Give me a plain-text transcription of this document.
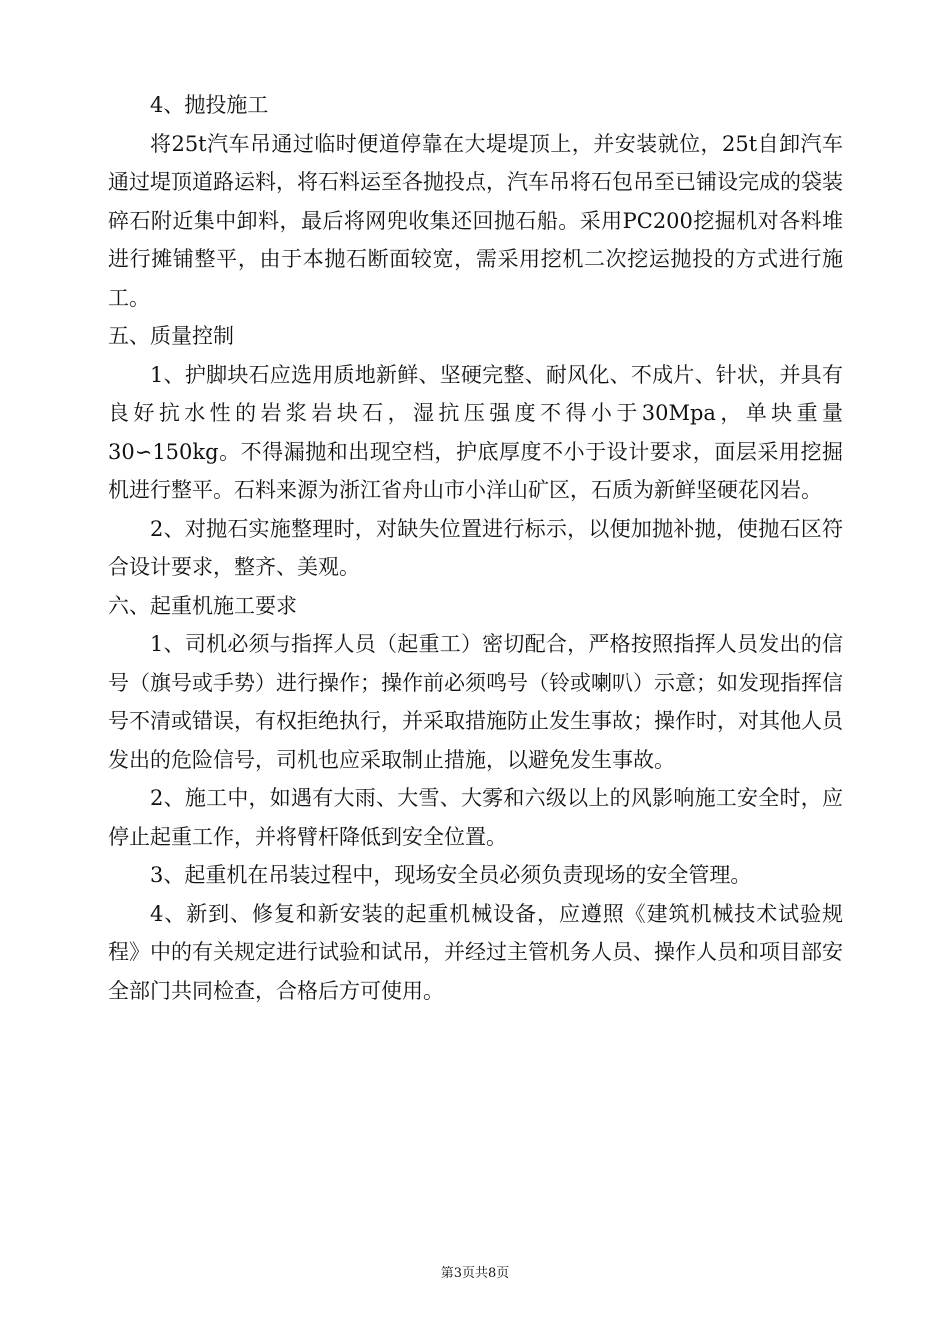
4、抛投施工

将25t汽车吊通过临时便道停靠在大堤堤顶上，并安装就位，25t自卸汽车通过堤顶道路运料，将石料运至各抛投点，汽车吊将石包吊至已铺设完成的袋装碎石附近集中卸料，最后将网兜收集还回抛石船。采用PC200挖掘机对各料堆进行摊铺整平，由于本抛石断面较宽，需采用挖机二次挖运抛投的方式进行施工。

五、质量控制

1、护脚块石应选用质地新鲜、坚硬完整、耐风化、不成片、针状，并具有良好抗水性的岩浆岩块石，湿抗压强度不得小于30Mpa，单块重量30∽150kg。不得漏抛和出现空档，护底厚度不小于设计要求，面层采用挖掘机进行整平。石料来源为浙江省舟山市小洋山矿区，石质为新鲜坚硬花冈岩。

2、对抛石实施整理时，对缺失位置进行标示，以便加抛补抛，使抛石区符合设计要求，整齐、美观。

六、起重机施工要求

1、司机必须与指挥人员（起重工）密切配合，严格按照指挥人员发出的信号（旗号或手势）进行操作；操作前必须鸣号（铃或喇叭）示意；如发现指挥信号不清或错误，有权拒绝执行，并采取措施防止发生事故；操作时，对其他人员发出的危险信号，司机也应采取制止措施，以避免发生事故。

2、施工中，如遇有大雨、大雪、大雾和六级以上的风影响施工安全时，应停止起重工作，并将臂杆降低到安全位置。

3、起重机在吊装过程中，现场安全员必须负责现场的安全管理。

4、新到、修复和新安装的起重机械设备，应遵照《建筑机械技术试验规程》中的有关规定进行试验和试吊，并经过主管机务人员、操作人员和项目部安全部门共同检查，合格后方可使用。

第3页共8页
